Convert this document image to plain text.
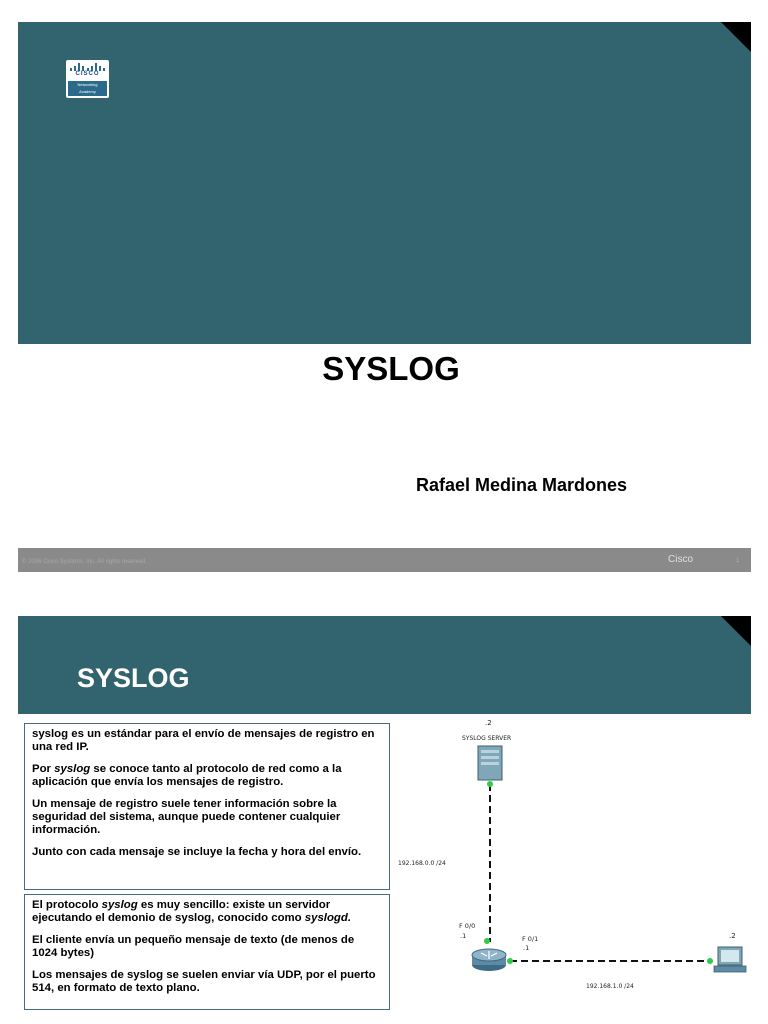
CISCO
Networking
Academy
SYSLOG
Rafael Medina Mardones
© 2006 Cisco Systems, Inc. All rights reserved.	Cisco	1
SYSLOG

syslog es un estándar para el envío de mensajes de registro en una red IP.

Por syslog se conoce tanto al protocolo de red como a la aplicación que envía los mensajes de registro.

Un mensaje de registro suele tener información sobre la seguridad del sistema, aunque puede contener cualquier información.

Junto con cada mensaje se incluye la fecha y hora del envío.

El protocolo syslog es muy sencillo: existe un servidor ejecutando el demonio de syslog, conocido como syslogd.

El cliente envía un pequeño mensaje de texto (de menos de 1024 bytes)

Los mensajes de syslog se suelen enviar vía UDP, por el puerto 514, en formato de texto plano.

.2
SYSLOG SERVER
192.168.0.0 /24
F 0/0
.1	F 0/1
.1
.2
192.168.1.0 /24
